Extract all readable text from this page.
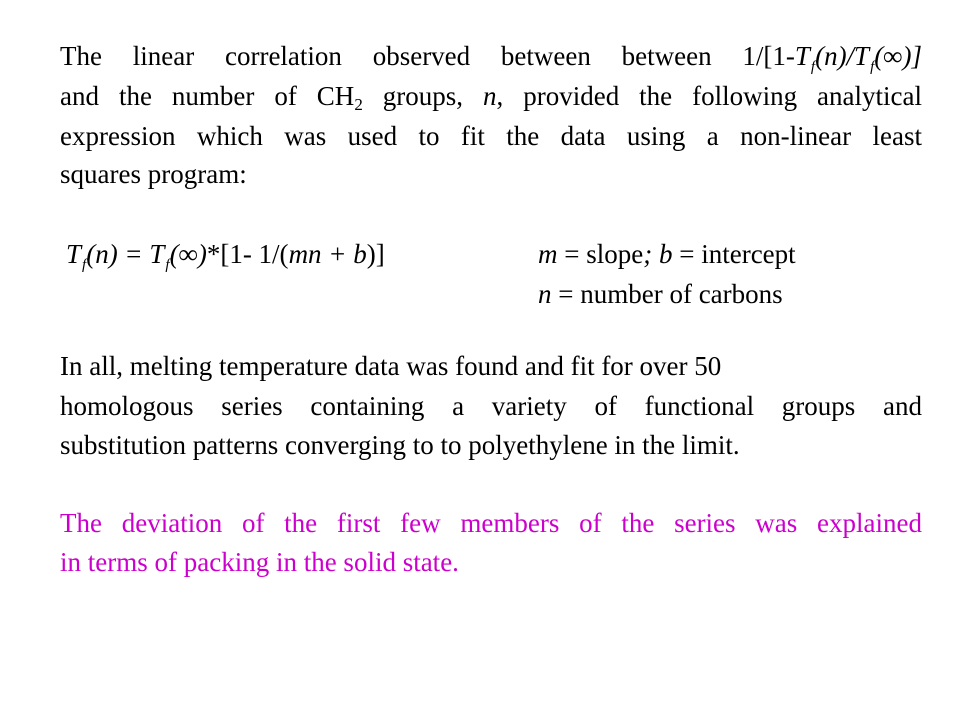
The linear correlation observed between between $1/[1-T_f(n)/T_f(\infty)]$
and the number of $CH_2$ groups, n, provided the following analytical
expression which was used to fit the data using a non-linear least
squares program:
$T_f(n) = T_f(\infty)*[1-$ 1/(mn + b)]	m = slope; b = intercept
n = number of carbons
In all, melting temperature data was found and fit for over 50
homologous series containing a variety of functional groups and
substitution patterns converging to to polyethylene in the limit.
The deviation of the first few members of the series was explained
in terms of packing in the solid state.
